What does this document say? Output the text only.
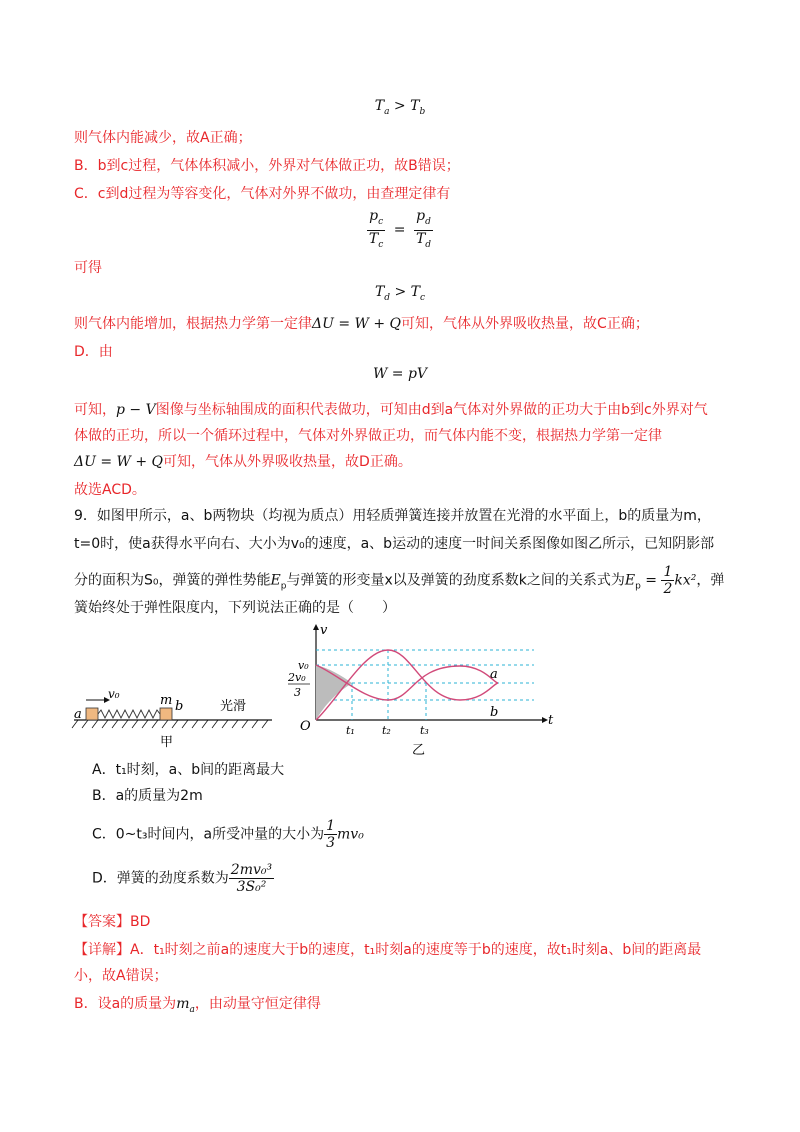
$T_a > T_b$
则气体内能减少，故A正确；
B．b到c过程，气体体积减小，外界对气体做正功，故B错误；
C．c到d过程为等容变化，气体对外界不做功，由查理定律有
$\frac{p_c}{T_c} = \frac{p_d}{T_d}$
可得
$T_d > T_c$
则气体内能增加，根据热力学第一定律ΔU = W + Q可知，气体从外界吸收热量，故C正确；
D．由
W = pV
可知，p − V图像与坐标轴围成的面积代表做功，可知由d到a气体对外界做的正功大于由b到c外界对气
体做的正功，所以一个循环过程中，气体对外界做正功，而气体内能不变，根据热力学第一定律
ΔU = W + Q可知，气体从外界吸收热量，故D正确。
故选ACD。
9．如图甲所示，a、b两物块（均视为质点）用轻质弹簧连接并放置在光滑的水平面上，b的质量为m，
t=0时，使a获得水平向右、大小为v₀的速度，a、b运动的速度一时间关系图像如图乙所示，已知阴影部
分的面积为S₀，弹簧的弹性势能$E_p$与弹簧的形变量x以及弹簧的劲度系数k之间的关系式为$E_p = \frac{1}{2} kx^2$，弹
簧始终处于弹性限度内，下列说法正确的是（　　）
a
v₀	m b	光滑
甲
v
t
O
v₀
2v₀
3
t₁ t₂	t₃
a
b
乙
A．t₁时刻，a、b间的距离最大
B．a的质量为2m
C．0~t₃时间内，a所受冲量的大小为 $\frac{1}{3} mv_0$
D．弹簧的劲度系数为 $\frac{\text{2mv₀³}}{\text{3S₀²}}$
【答案】BD
【详解】A．t₁时刻之前a的速度大于b的速度，t₁时刻a的速度等于b的速度，故t₁时刻a、b间的距离最
小，故A错误；
B．设a的质量为$m_a$，由动量守恒定律得
